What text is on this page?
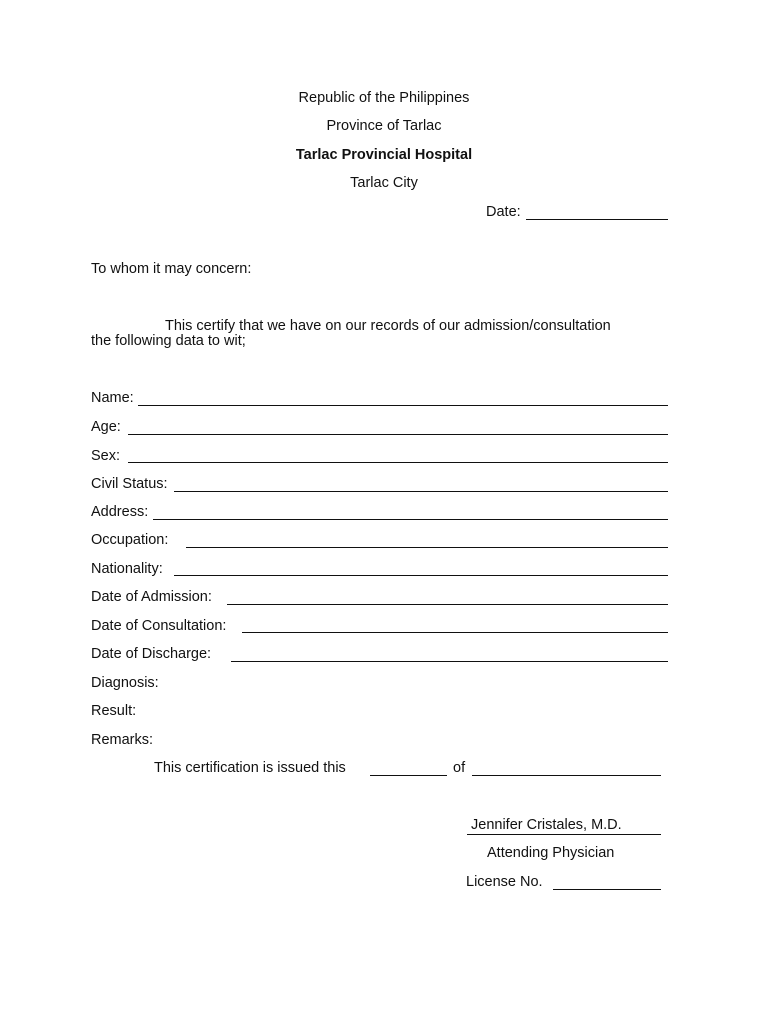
Republic of the Philippines
Province of Tarlac
Tarlac Provincial Hospital
Tarlac City
Date:
To whom it may concern:
This certify that we have on our records of our admission/consultation
the following data to wit;
Name:
Age:
Sex:
Civil Status:
Address:
Occupation:
Nationality:
Date of Admission:
Date of Consultation:
Date of Discharge:
Diagnosis:
Result:
Remarks:
This certification is issued this	of
Jennifer Cristales, M.D.
Attending Physician
License No.
